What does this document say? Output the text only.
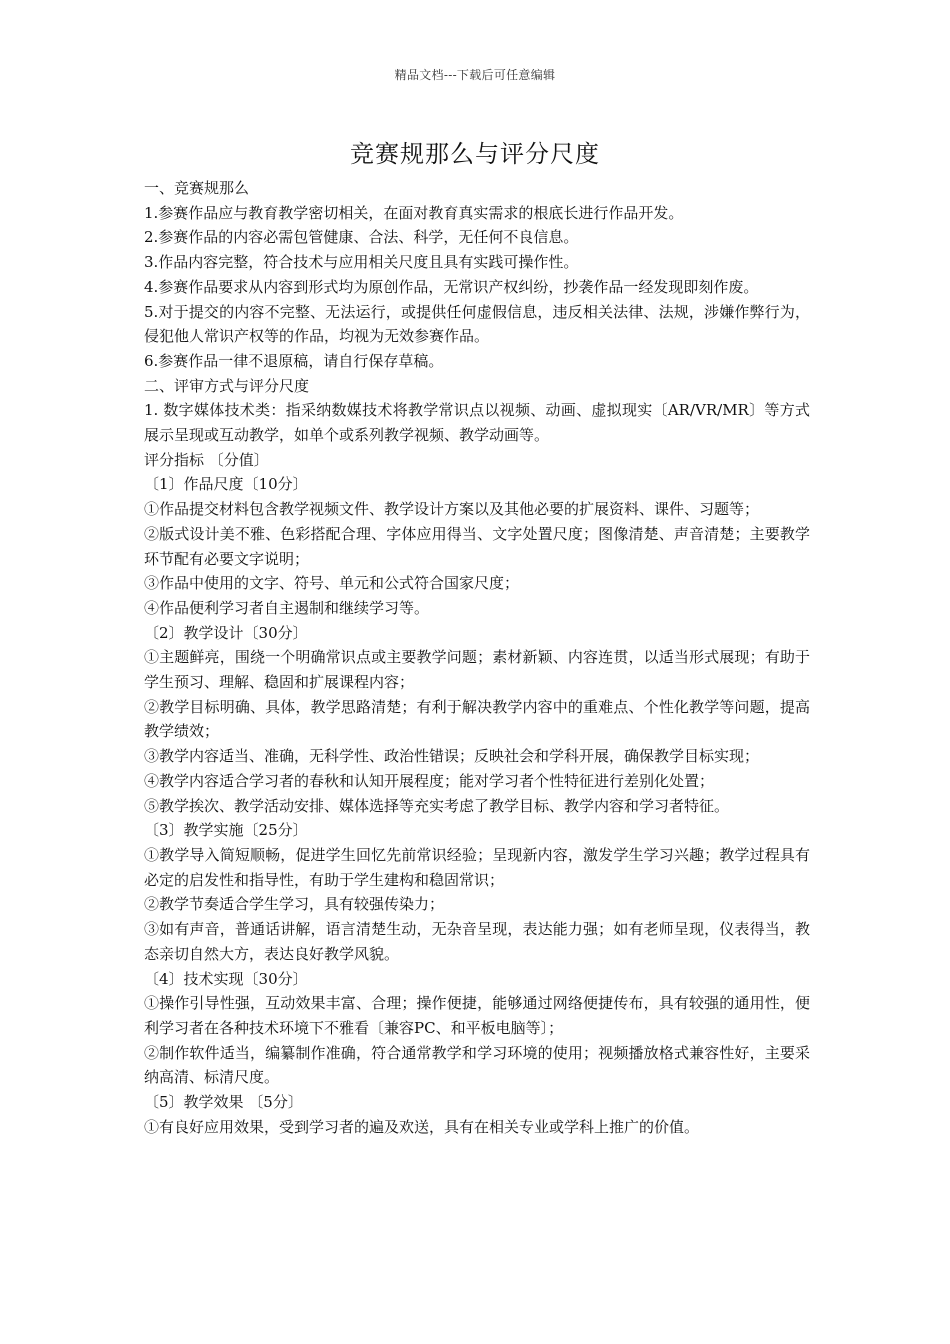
精品文档---下载后可任意编辑
竞赛规那么与评分尺度

一、竞赛规那么

1.参赛作品应与教育教学密切相关，在面对教育真实需求的根底长进行作品开发。

2.参赛作品的内容必需包管健康、合法、科学，无任何不良信息。

3.作品内容完整，符合技术与应用相关尺度且具有实践可操作性。

4.参赛作品要求从内容到形式均为原创作品，无常识产权纠纷，抄袭作品一经发现即刻作废。

5.对于提交的内容不完整、无法运行，或提供任何虚假信息，违反相关法律、法规，涉嫌作弊行为，侵犯他人常识产权等的作品，均视为无效参赛作品。

6.参赛作品一律不退原稿，请自行保存草稿。

二、评审方式与评分尺度

1. 数字媒体技术类：指采纳数媒技术将教学常识点以视频、动画、虚拟现实〔AR/VR/MR〕等方式展示呈现或互动教学，如单个或系列教学视频、教学动画等。

评分指标 〔分值〕

〔1〕作品尺度〔10分〕

①作品提交材料包含教学视频文件、教学设计方案以及其他必要的扩展资料、课件、习题等；

②版式设计美不雅、色彩搭配合理、字体应用得当、文字处置尺度；图像清楚、声音清楚；主要教学环节配有必要文字说明；

③作品中使用的文字、符号、单元和公式符合国家尺度；

④作品便利学习者自主遏制和继续学习等。

〔2〕教学设计〔30分〕

①主题鲜亮，围绕一个明确常识点或主要教学问题；素材新颖、内容连贯，以适当形式展现；有助于学生预习、理解、稳固和扩展课程内容；

②教学目标明确、具体，教学思路清楚；有利于解决教学内容中的重难点、个性化教学等问题，提高教学绩效；

③教学内容适当、准确，无科学性、政治性错误；反映社会和学科开展，确保教学目标实现；

④教学内容适合学习者的春秋和认知开展程度；能对学习者个性特征进行差别化处置；

⑤教学挨次、教学活动安排、媒体选择等充实考虑了教学目标、教学内容和学习者特征。

〔3〕教学实施〔25分〕

①教学导入简短顺畅，促进学生回忆先前常识经验；呈现新内容，激发学生学习兴趣；教学过程具有必定的启发性和指导性，有助于学生建构和稳固常识；

②教学节奏适合学生学习，具有较强传染力；

③如有声音，普通话讲解，语言清楚生动，无杂音呈现，表达能力强；如有老师呈现，仪表得当，教态亲切自然大方，表达良好教学风貌。

〔4〕技术实现〔30分〕

①操作引导性强，互动效果丰富、合理；操作便捷，能够通过网络便捷传布，具有较强的通用性，便利学习者在各种技术环境下不雅看〔兼容PC、和平板电脑等〕；

②制作软件适当，编纂制作准确，符合通常教学和学习环境的使用；视频播放格式兼容性好，主要采纳高清、标清尺度。

〔5〕教学效果 〔5分〕

①有良好应用效果，受到学习者的遍及欢送，具有在相关专业或学科上推广的价值。
